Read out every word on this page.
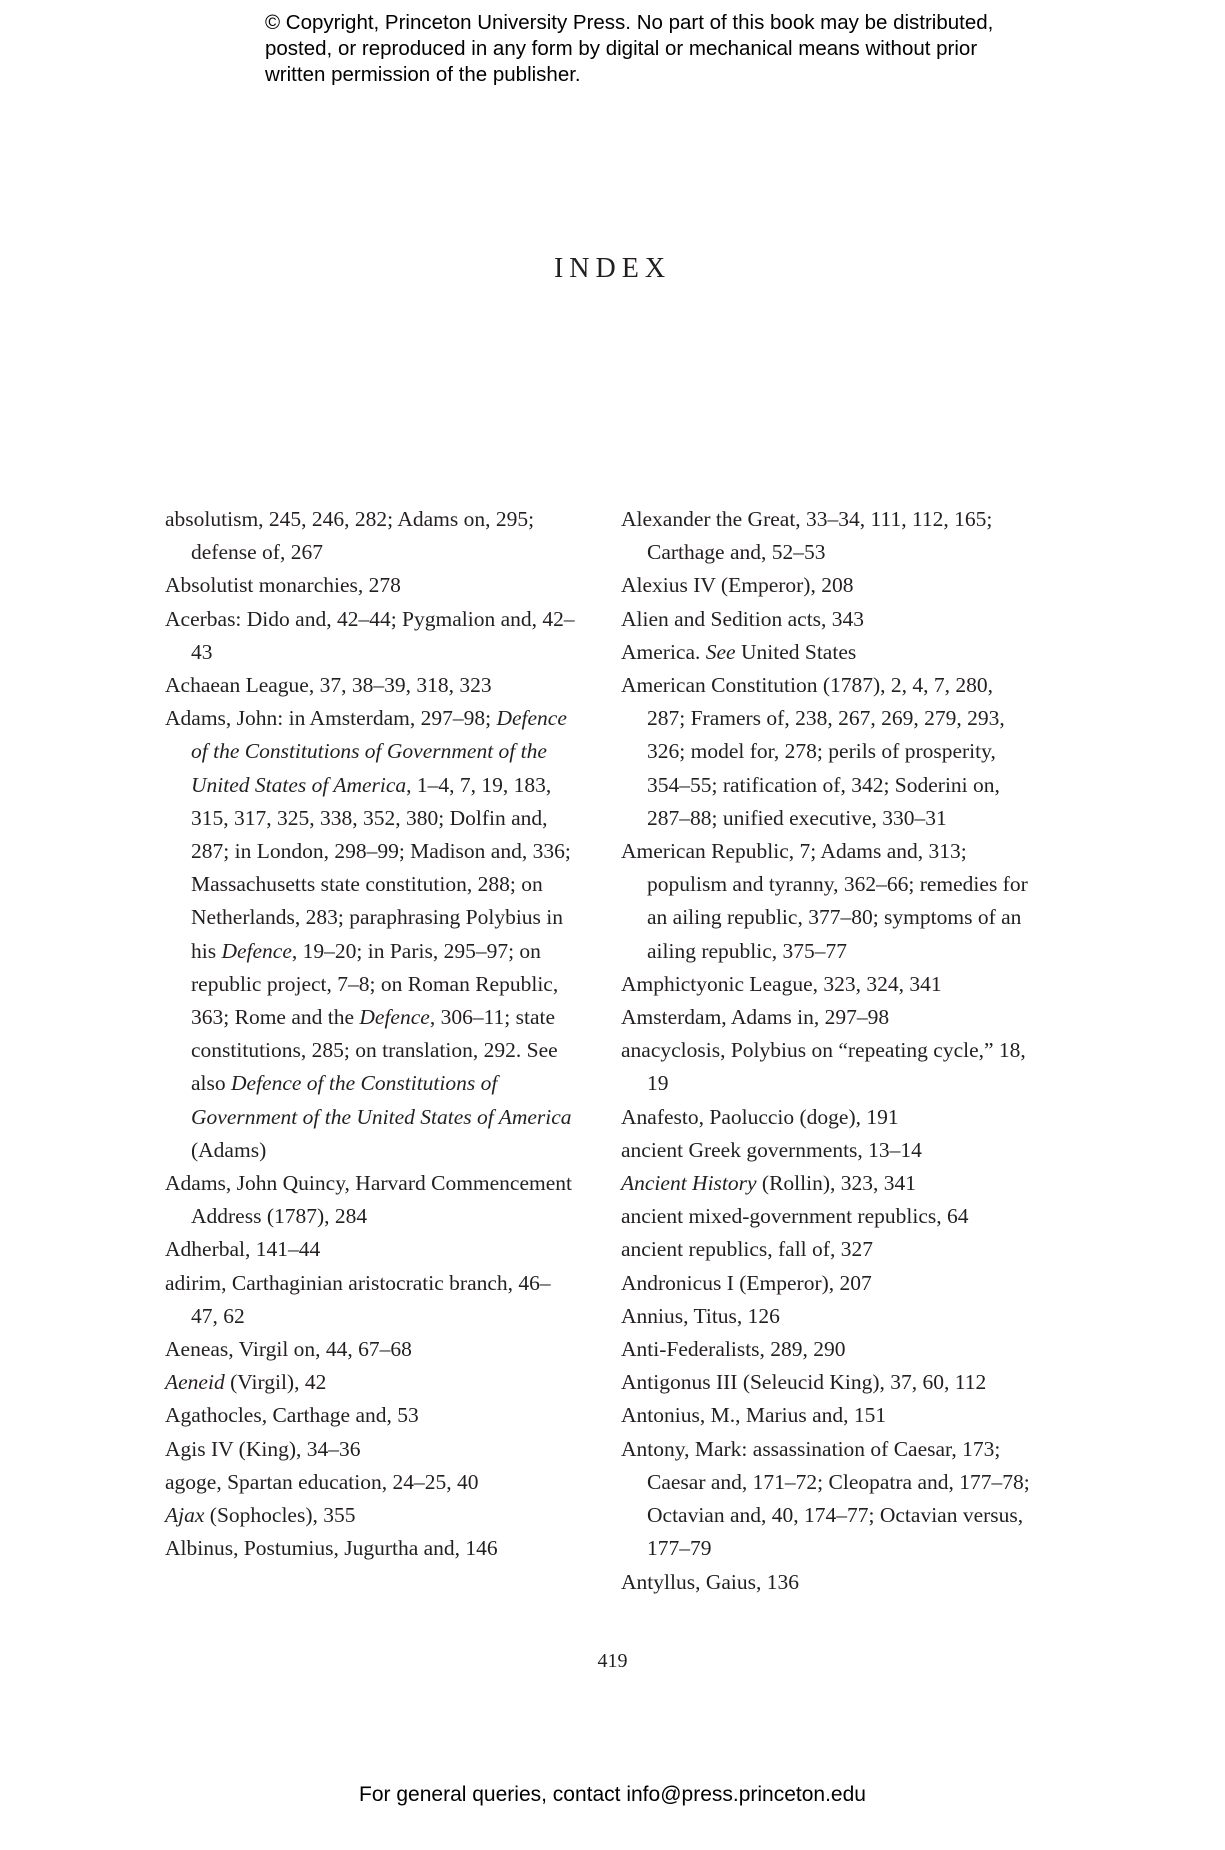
© Copyright, Princeton University Press. No part of this book may be distributed, posted, or reproduced in any form by digital or mechanical means without prior written permission of the publisher.
INDEX

absolutism, 245, 246, 282; Adams on, 295; defense of, 267

Absolutist monarchies, 278

Acerbas: Dido and, 42–44; Pygmalion and, 42–43

Achaean League, 37, 38–39, 318, 323

Adams, John: in Amsterdam, 297–98; Defence of the Constitutions of Government of the United States of America, 1–4, 7, 19, 183, 315, 317, 325, 338, 352, 380; Dolfin and, 287; in London, 298–99; Madison and, 336; Massachusetts state constitution, 288; on Netherlands, 283; paraphrasing Polybius in his Defence, 19–20; in Paris, 295–97; on republic project, 7–8; on Roman Republic, 363; Rome and the Defence, 306–11; state constitutions, 285; on translation, 292. See also Defence of the Constitutions of Government of the United States of America (Adams)

Adams, John Quincy, Harvard Commencement Address (1787), 284

Adherbal, 141–44

adirim, Carthaginian aristocratic branch, 46–47, 62

Aeneas, Virgil on, 44, 67–68

Aeneid (Virgil), 42

Agathocles, Carthage and, 53

Agis IV (King), 34–36

agoge, Spartan education, 24–25, 40

Ajax (Sophocles), 355

Albinus, Postumius, Jugurtha and, 146

Alexander the Great, 33–34, 111, 112, 165; Carthage and, 52–53

Alexius IV (Emperor), 208

Alien and Sedition acts, 343

America. See United States

American Constitution (1787), 2, 4, 7, 280, 287; Framers of, 238, 267, 269, 279, 293, 326; model for, 278; perils of prosperity, 354–55; ratification of, 342; Soderini on, 287–88; unified executive, 330–31

American Republic, 7; Adams and, 313; populism and tyranny, 362–66; remedies for an ailing republic, 377–80; symptoms of an ailing republic, 375–77

Amphictyonic League, 323, 324, 341

Amsterdam, Adams in, 297–98

anacyclosis, Polybius on “repeating cycle,” 18, 19

Anafesto, Paoluccio (doge), 191

ancient Greek governments, 13–14

Ancient History (Rollin), 323, 341

ancient mixed-government republics, 64

ancient republics, fall of, 327

Andronicus I (Emperor), 207

Annius, Titus, 126

Anti-Federalists, 289, 290

Antigonus III (Seleucid King), 37, 60, 112

Antonius, M., Marius and, 151

Antony, Mark: assassination of Caesar, 173; Caesar and, 171–72; Cleopatra and, 177–78; Octavian and, 40, 174–77; Octavian versus, 177–79

Antyllus, Gaius, 136

419
For general queries, contact info@press.princeton.edu
